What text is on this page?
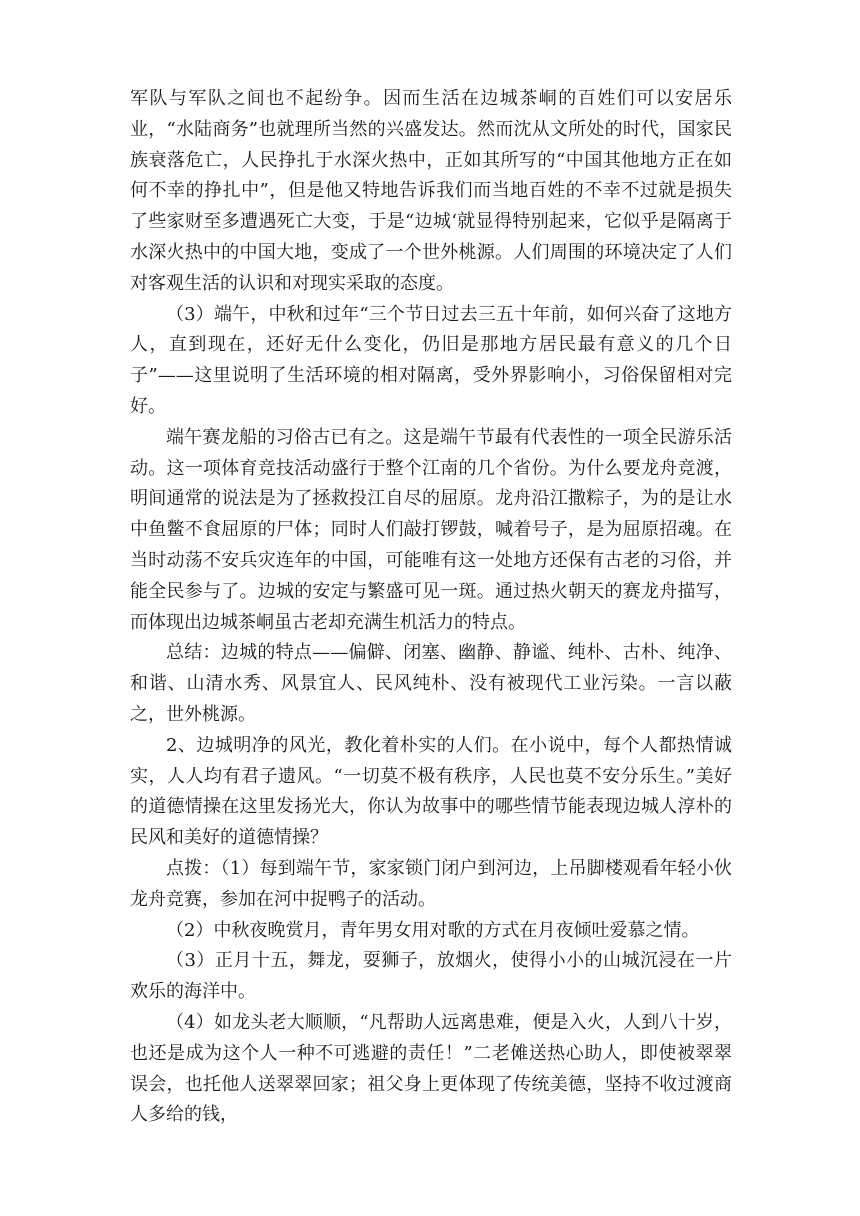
军队与军队之间也不起纷争。因而生活在边城茶峒的百姓们可以安居乐业，“水陆商务”也就理所当然的兴盛发达。然而沈从文所处的时代，国家民族衰落危亡，人民挣扎于水深火热中，正如其所写的“中国其他地方正在如何不幸的挣扎中”，但是他又特地告诉我们而当地百姓的不幸不过就是损失了些家财至多遭遇死亡大变，于是“边城‘就显得特别起来，它似乎是隔离于水深火热中的中国大地，变成了一个世外桃源。人们周围的环境决定了人们对客观生活的认识和对现实采取的态度。

（3）端午，中秋和过年“三个节日过去三五十年前，如何兴奋了这地方人，直到现在，还好无什么变化，仍旧是那地方居民最有意义的几个日子”——这里说明了生活环境的相对隔离，受外界影响小，习俗保留相对完好。

端午赛龙船的习俗古已有之。这是端午节最有代表性的一项全民游乐活动。这一项体育竞技活动盛行于整个江南的几个省份。为什么要龙舟竞渡，明间通常的说法是为了拯救投江自尽的屈原。龙舟沿江撒粽子，为的是让水中鱼鳖不食屈原的尸体；同时人们敲打锣鼓，喊着号子，是为屈原招魂。在当时动荡不安兵灾连年的中国，可能唯有这一处地方还保有古老的习俗，并能全民参与了。边城的安定与繁盛可见一斑。通过热火朝天的赛龙舟描写，而体现出边城茶峒虽古老却充满生机活力的特点。

总结：边城的特点——偏僻、闭塞、幽静、静谧、纯朴、古朴、纯净、和谐、山清水秀、风景宜人、民风纯朴、没有被现代工业污染。一言以蔽之，世外桃源。

2、边城明净的风光，教化着朴实的人们。在小说中，每个人都热情诚实，人人均有君子遗风。“一切莫不极有秩序，人民也莫不安分乐生。”美好的道德情操在这里发扬光大，你认为故事中的哪些情节能表现边城人淳朴的民风和美好的道德情操？

点拨：（1）每到端午节，家家锁门闭户到河边，上吊脚楼观看年轻小伙龙舟竞赛，参加在河中捉鸭子的活动。

（2）中秋夜晚赏月，青年男女用对歌的方式在月夜倾吐爱慕之情。

（3）正月十五，舞龙，耍狮子，放烟火，使得小小的山城沉浸在一片欢乐的海洋中。

（4）如龙头老大顺顺，“凡帮助人远离患难，便是入火，人到八十岁，也还是成为这个人一种不可逃避的责任！”二老傩送热心助人，即使被翠翠误会，也托他人送翠翠回家；祖父身上更体现了传统美德，坚持不收过渡商人多给的钱，
